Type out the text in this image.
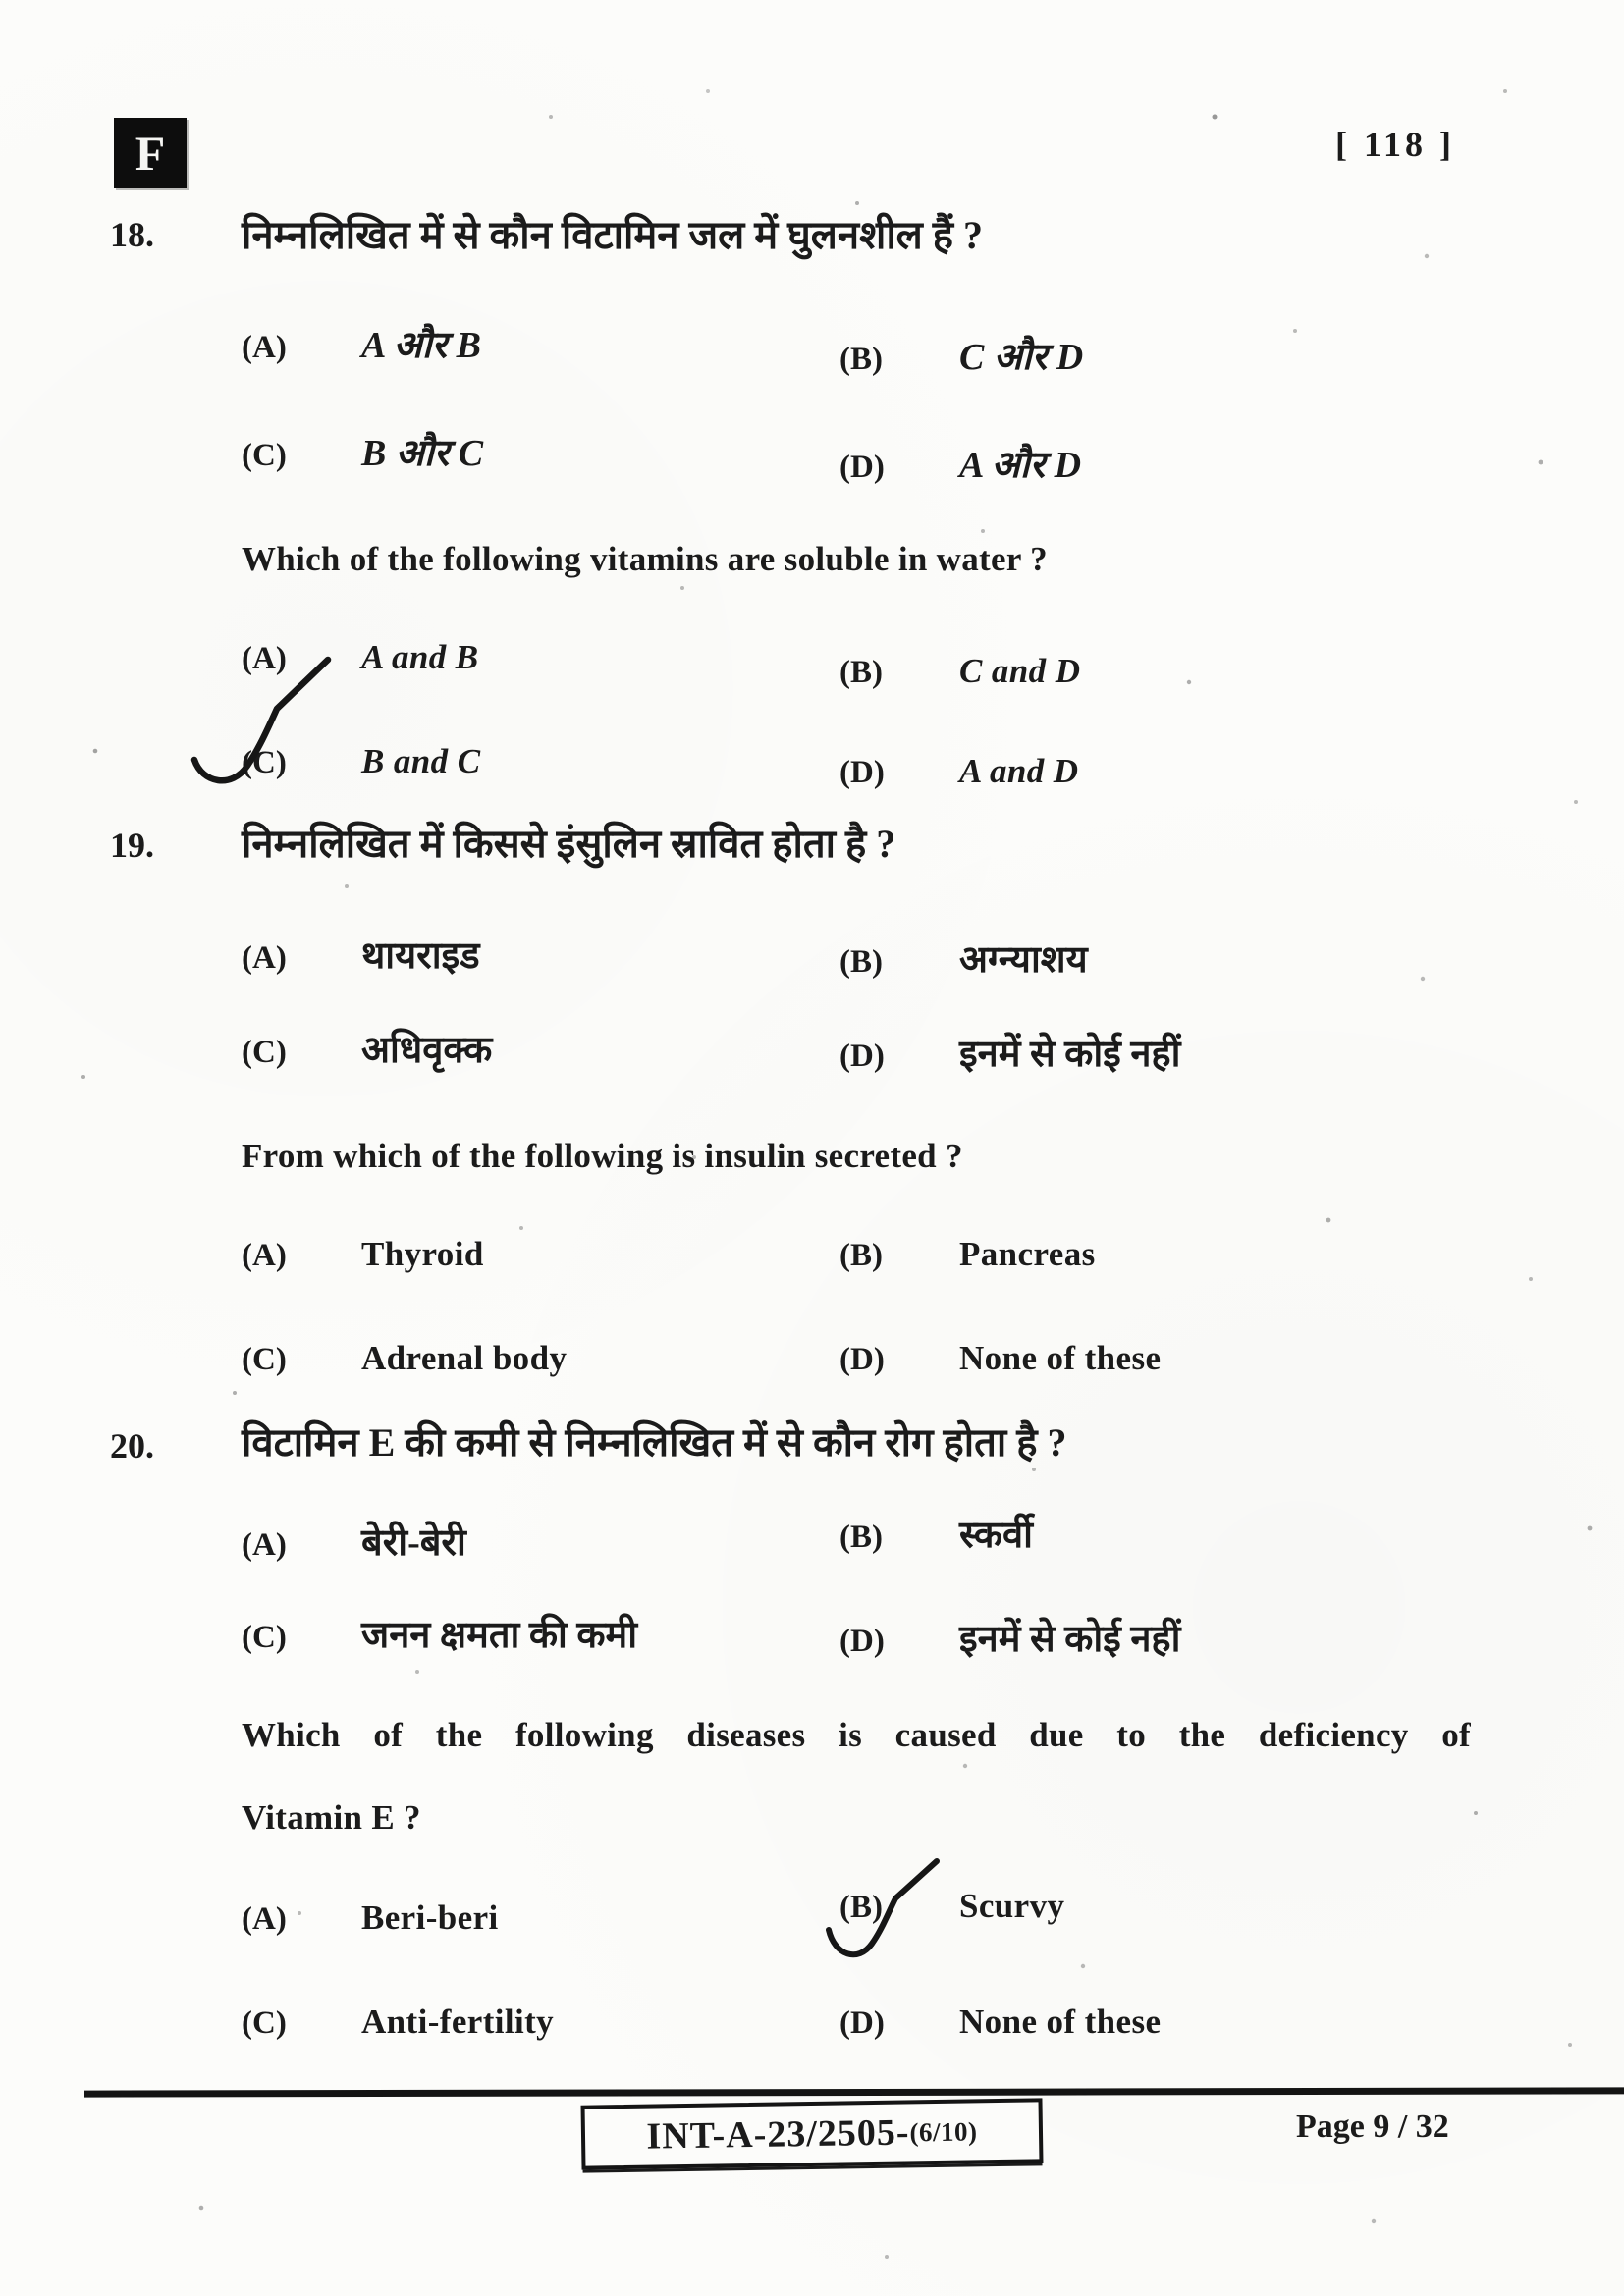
F	[ 118 ]
18.	निम्नलिखित में से कौन विटामिन जल में घुलनशील हैं ?
(A)	A और B	(B)	C और D
(C)	B और C	(D)	A और D
Which of the following vitamins are soluble in water ?
(A)	A and B	(B)	C and D
(C)	B and C	(D)	A and D
19.	निम्नलिखित में किससे इंसुलिन स्रावित होता है ?
(A)	थायराइड	(B)	अग्न्याशय
(C)	अधिवृक्क	(D)	इनमें से कोई नहीं
From which of the following is insulin secreted ?
(A)	Thyroid	(B)	Pancreas
(C)	Adrenal body	(D)	None of these
20.	विटामिन E की कमी से निम्नलिखित में से कौन रोग होता है ?
(A)	बेरी-बेरी	(B)	स्कर्वी
(C)	जनन क्षमता की कमी	(D)	इनमें से कोई नहीं
Which of the following diseases is caused due to the deficiency of
Vitamin E ?
(A)	Beri-beri	(B)	Scurvy
(C)	Anti-fertility	(D)	None of these
INT-A-23/2505- (6/10)	Page 9 / 32
